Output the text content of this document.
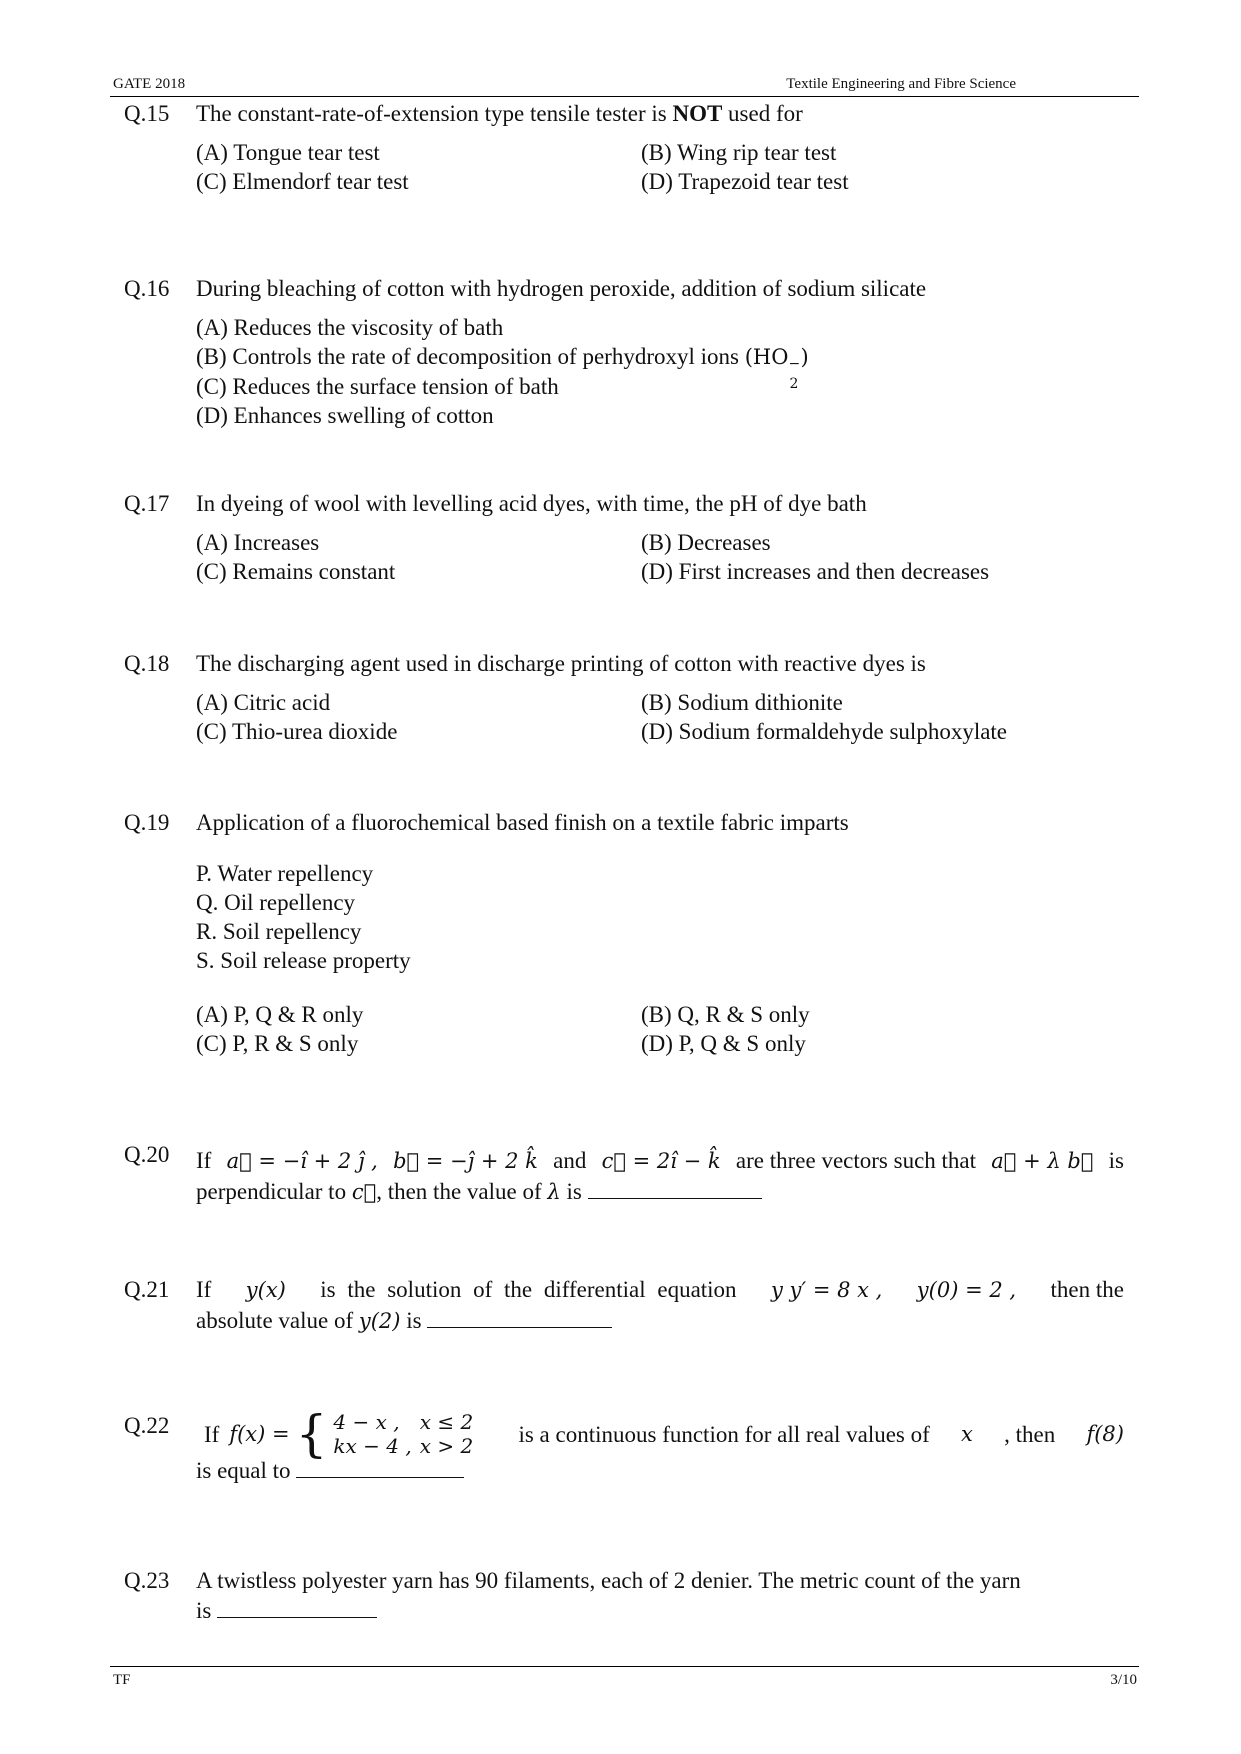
GATE 2018	Textile Engineering and Fibre Science
Q.15 The constant-rate-of-extension type tensile tester is NOT used for
(A) Tongue tear test	(B) Wing rip tear test
(C) Elmendorf tear test	(D) Trapezoid tear test
Q.16 During bleaching of cotton with hydrogen peroxide, addition of sodium silicate
(A) Reduces the viscosity of bath
(B) Controls the rate of decomposition of perhydroxyl ions (HO −
2
)
(C) Reduces the surface tension of bath
(D) Enhances swelling of cotton
Q.17 In dyeing of wool with levelling acid dyes, with time, the pH of dye bath
(A) Increases	(B) Decreases
(C) Remains constant	(D) First increases and then decreases
Q.18 The discharging agent used in discharge printing of cotton with reactive dyes is
(A) Citric acid	(B) Sodium dithionite
(C) Thio-urea dioxide	(D) Sodium formaldehyde sulphoxylate
Q.19 Application of a fluorochemical based finish on a textile fabric imparts
P. Water repellency
Q. Oil repellency
R. Soil repellency
S. Soil release property
(A) P, Q & R only	(B) Q, R & S only
(C) P, R & S only	(D) P, Q & S only
Q.20 If a⃗ = −î + 2 ĵ , b⃗ = −ĵ + 2 k̂ and c⃗ = 2î − k̂ are three vectors such that a⃗ + λ b⃗ is
perpendicular to c⃗, then the value of λ is
Q.21 If y(x) is the solution of the differential equation y y′ = 8 x , y(0) = 2 , then the
absolute value of y(2) is
Q.22 If f(x) = { 4 − x ,	x ≤ 2
kx − 4 ,	x > 2 is a continuous function for all real values of x , then f(8)
is equal to
Q.23 A twistless polyester yarn has 90 filaments, each of 2 denier. The metric count of the yarn
is
TF	3/10
